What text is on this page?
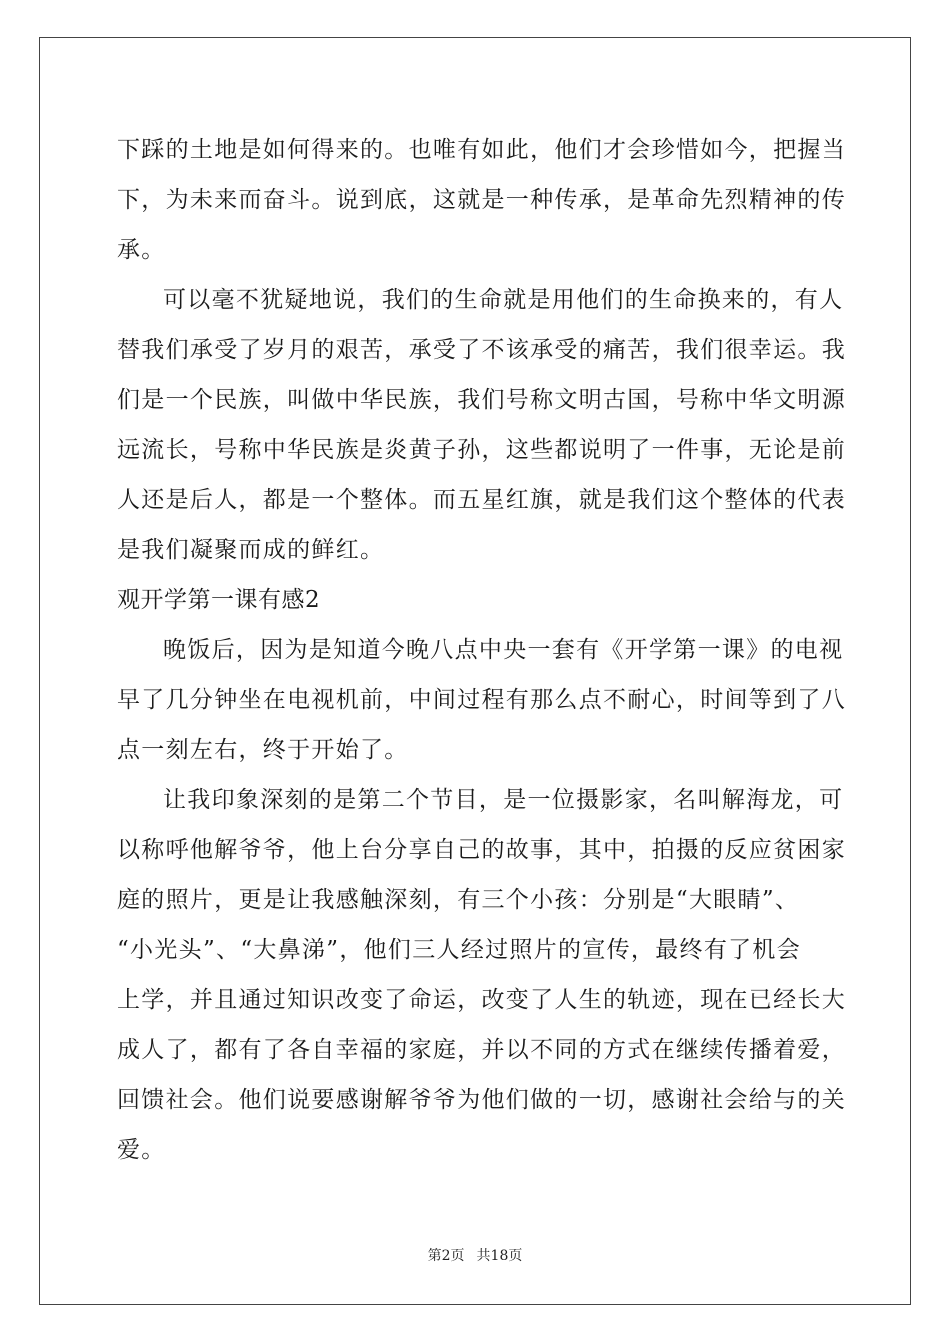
下踩的土地是如何得来的。也唯有如此，他们才会珍惜如今，把握当
下，为未来而奋斗。说到底，这就是一种传承，是革命先烈精神的传
承。
可以毫不犹疑地说，我们的生命就是用他们的生命换来的，有人
替我们承受了岁月的艰苦，承受了不该承受的痛苦，我们很幸运。我
们是一个民族，叫做中华民族，我们号称文明古国，号称中华文明源
远流长，号称中华民族是炎黄子孙，这些都说明了一件事，无论是前
人还是后人，都是一个整体。而五星红旗，就是我们这个整体的代表
是我们凝聚而成的鲜红。
观开学第一课有感2
晚饭后，因为是知道今晚八点中央一套有《开学第一课》的电视
早了几分钟坐在电视机前，中间过程有那么点不耐心，时间等到了八
点一刻左右，终于开始了。
让我印象深刻的是第二个节目，是一位摄影家，名叫解海龙，可
以称呼他解爷爷，他上台分享自己的故事，其中，拍摄的反应贫困家
庭的照片，更是让我感触深刻，有三个小孩：分别是“大眼睛”、
“小光头”、“大鼻涕”，他们三人经过照片的宣传，最终有了机会
上学，并且通过知识改变了命运，改变了人生的轨迹，现在已经长大
成人了，都有了各自幸福的家庭，并以不同的方式在继续传播着爱，
回馈社会。他们说要感谢解爷爷为他们做的一切，感谢社会给与的关
爱。
第2页 共18页
